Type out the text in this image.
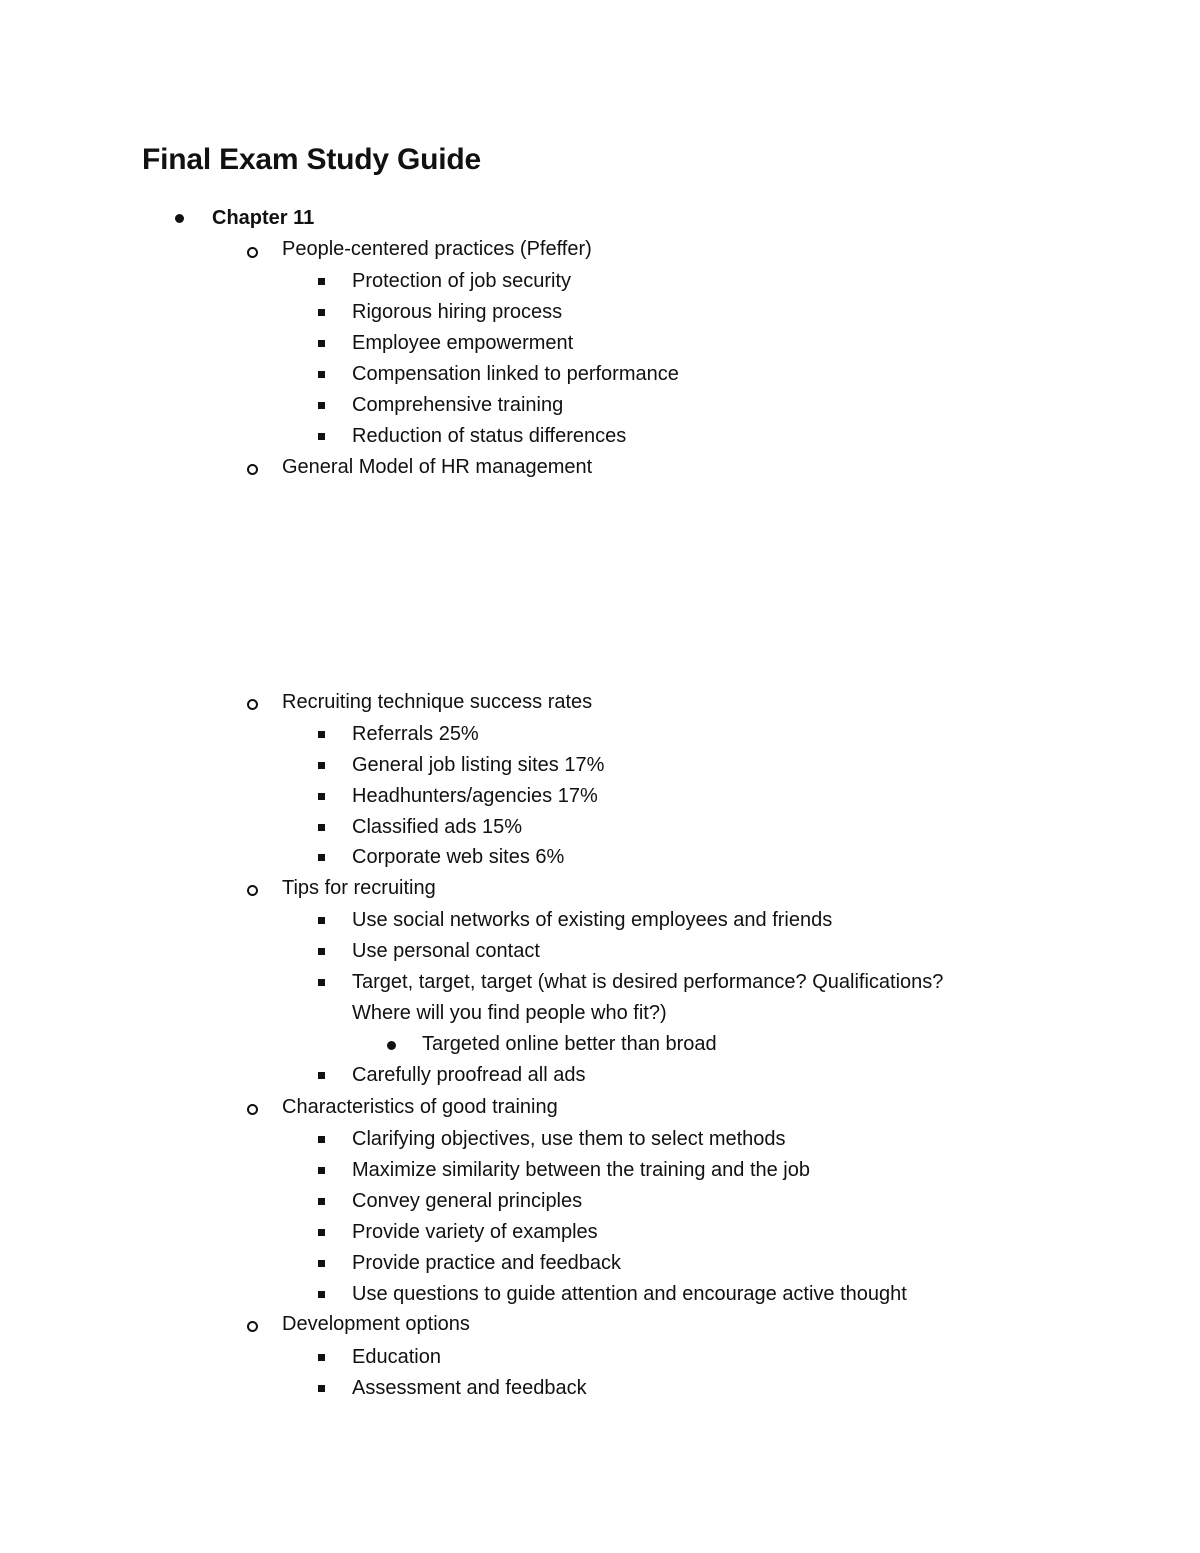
Final Exam Study Guide
Chapter 11
People-centered practices (Pfeffer)
Protection of job security
Rigorous hiring process
Employee empowerment
Compensation linked to performance
Comprehensive training
Reduction of status differences
General Model of HR management
Recruiting technique success rates
Referrals 25%
General job listing sites 17%
Headhunters/agencies 17%
Classified ads 15%
Corporate web sites 6%
Tips for recruiting
Use social networks of existing employees and friends
Use personal contact
Target, target, target (what is desired performance? Qualifications?
Where will you find people who fit?)
Targeted online better than broad
Carefully proofread all ads
Characteristics of good training
Clarifying objectives, use them to select methods
Maximize similarity between the training and the job
Convey general principles
Provide variety of examples
Provide practice and feedback
Use questions to guide attention and encourage active thought
Development options
Education
Assessment and feedback
